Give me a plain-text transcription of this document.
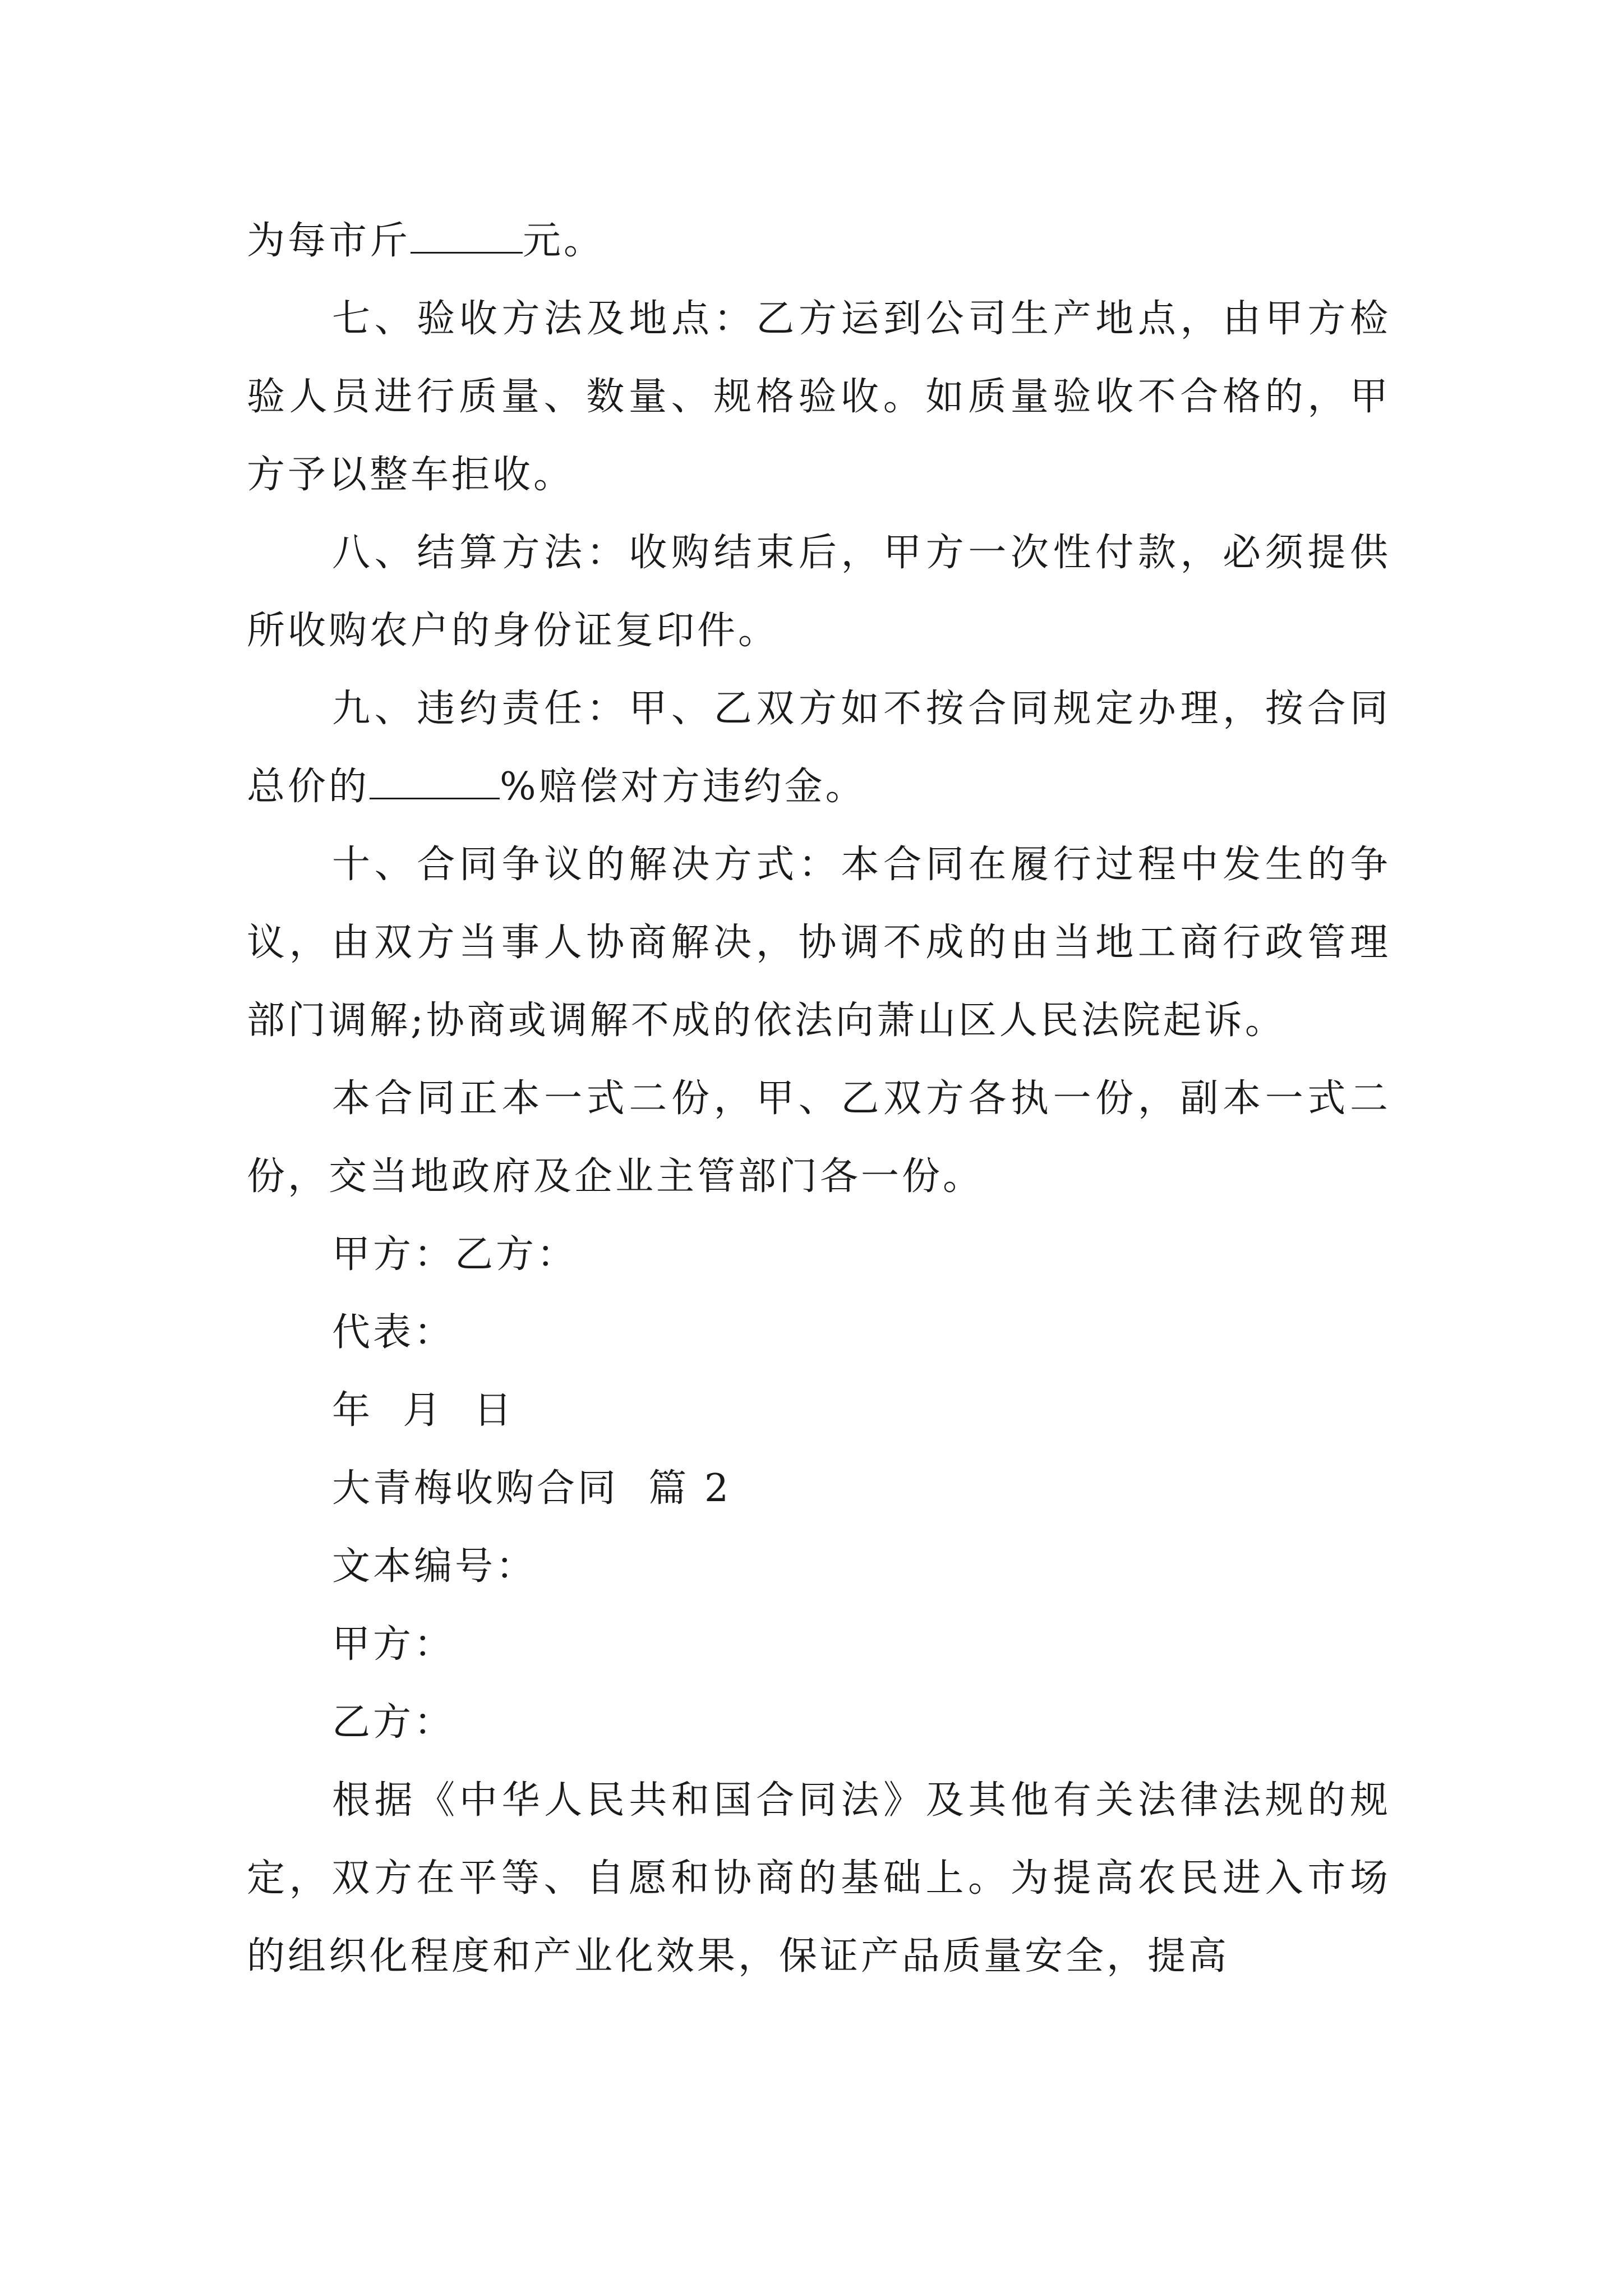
为每市斤	元。

七、验收方法及地点：乙方运到公司生产地点，由甲方检验人员进行质量、数量、规格验收。如质量验收不合格的，甲方予以整车拒收。

八、结算方法：收购结束后，甲方一次性付款，必须提供所收购农户的身份证复印件。

九、违约责任：甲、乙双方如不按合同规定办理，按合同总价的	%赔偿对方违约金。

十、合同争议的解决方式：本合同在履行过程中发生的争议，由双方当事人协商解决，协调不成的由当地工商行政管理部门调解;协商或调解不成的依法向萧山区人民法院起诉。

本合同正本一式二份，甲、乙双方各执一份，副本一式二份，交当地政府及企业主管部门各一份。

甲方：乙方：

代表：

年  月  日

大青梅收购合同  篇 2

文本编号：

甲方：

乙方：

根据《中华人民共和国合同法》及其他有关法律法规的规定，双方在平等、自愿和协商的基础上。为提高农民进入市场的组织化程度和产业化效果，保证产品质量安全，提高
